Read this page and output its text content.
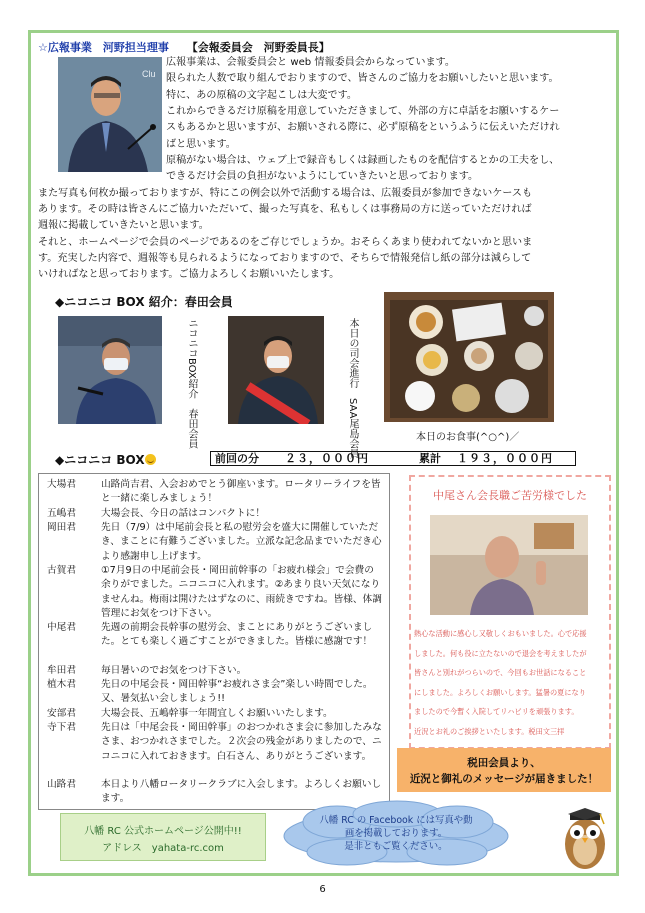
☆広報事業　河野担当理事 【会報委員会　河野委員長】
Clu
広報事業は、会報委員会と web 情報委員会からなっています。
限られた人数で取り組んでおりますので、皆さんのご協力をお願いしたいと思います。
特に、あの原稿の文字起こしは大変です。
これからできるだけ原稿を用意していただきまして、外部の方に卓話をお願いするケー
スもあるかと思いますが、お願いされる際に、必ず原稿をというふうに伝えいただけれ
ばと思います。
原稿がない場合は、ウェブ上で録音もしくは録画したものを配信するとかの工夫をし、
できるだけ会員の負担がないようにしていきたいと思っております。
また写真も何枚か撮っておりますが、特にこの例会以外で活動する場合は、広報委員が参加できないケースも
あります。その時は皆さんにご協力いただいて、撮った写真を、私もしくは事務局の方に送っていただければ
週報に掲載していきたいと思います。
それと、ホームページで会員のページであるのをご存じでしょうか。おそらくあまり使われてないかと思いま
す。充実した内容で、週報等も見られるようになっておりますので、そちらで情報発信し紙の部分は減らして
いければなと思っております。ご協力よろしくお願いいたします。
◆ニコニコ BOX 紹介：春田会員
ニコニコBOX紹介　春田会員	本日の司会進行　SAA尾島会員	本日のお食事(^○^)／
◆ニコニコ BOX	前回の分 ２３，０００円	累計 １９３，０００円
大場君	山路尚吉君、入会おめでとう御座います。ロータリーライフを皆と一緒に楽しみましょう！
五嶋君	大場会長、今日の話はコンパクトに！
岡田君	先日（7/9）は中尾前会長と私の慰労会を盛大に開催していただき、まことに有難うございました。立派な記念品までいただき心より感謝申し上げます。
古賀君	①7月9日の中尾前会長・岡田前幹事の「お疲れ様会」で会費の余りがでました。ニコニコに入れます。②あまり良い天気になりませんね。梅雨は開けたはずなのに、雨続きですね。皆様、体調管理にお気をつけ下さい。
中尾君	先週の前期会長幹事の慰労会、まことにありがとうございました。とても楽しく過ごすことができました。皆様に感謝です！
牟田君	毎日暑いのでお気をつけ下さい。
植木君	先日の中尾会長・岡田幹事“お疲れさま会”楽しい時間でした。又、暑気払い会しましょう!!
安部君	大場会長、五嶋幹事一年間宜しくお願いいたします。
寺下君	先日は「中尾会長・岡田幹事」のおつかれさま会に参加したみなさま、おつかれさまでした。２次会の残金がありましたので、ニコニコに入れておきます。白石さん、ありがとうございます。
山路君	本日より八幡ロータリークラブに入会します。よろしくお願いします。
中尾さん会長職ご苦労様でした
熱心な活動に感心し又敬しくおもいました。心で応援
しました。何も役に立たないので退会を考えましたが
皆さんと別れがつらいので、今回もお世話になること
にしました。よろしくお願いします。猛暑の夏になり
ましたので今暫く入院してリハビリを頑張ります。
近況とお礼のご挨拶といたします。税田文三拝
税田会員より、
近況と御礼のメッセージが届きました！
八幡 RC 公式ホームページ公開中!!
アドレス　yahata-rc.com
八幡 RC の Facebook には写真や動
画を掲載しております。
是非ともご覧ください。
6
